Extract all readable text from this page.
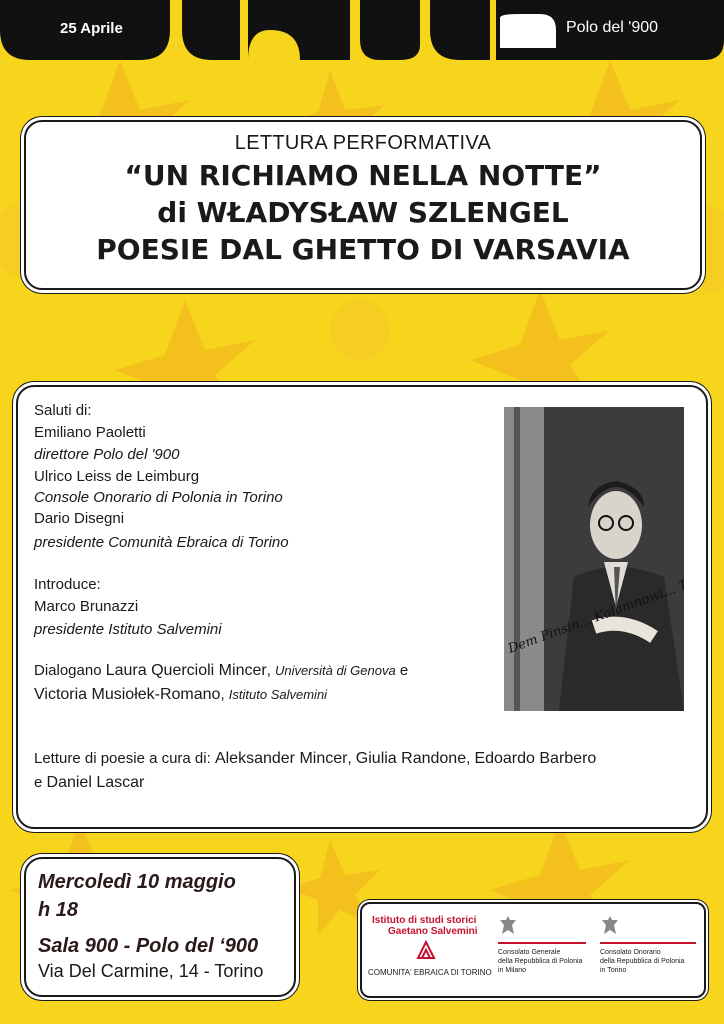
25 Aprile	Polo del '900
LETTURA PERFORMATIVA
“UN RICHIAMO NELLA NOTTE”
di WŁADYSŁAW SZLENGEL
POESIE DAL GHETTO DI VARSAVIA
Saluti di:
Emiliano Paoletti
direttore Polo del '900
Ulrico Leiss de Leimburg
Console Onorario di Polonia in Torino
Dario Disegni
presidente Comunità Ebraica di Torino
Introduce:
Marco Brunazzi
presidente Istituto Salvemini
Dialogano Laura Quercioli Mincer, Università di Genova e
Victoria Musiołek-Romano, Istituto Salvemini
Letture di poesie a cura di: Aleksander Mincer, Giulia Randone, Edoardo Barbero
e Daniel Lascar
Dem Pinsin... Kalamnowi... T.
Mercoledì 10 maggio
h 18
Sala 900 - Polo del ‘900
Via Del Carmine, 14 - Torino
Istituto di studi storici
Gaetano Salvemini
COMUNITA' EBRAICA DI TORINO
Consolato Generale
della Repubblica di Polonia
in Milano
Consolato Onorario
della Repubblica di Polonia
in Torino
